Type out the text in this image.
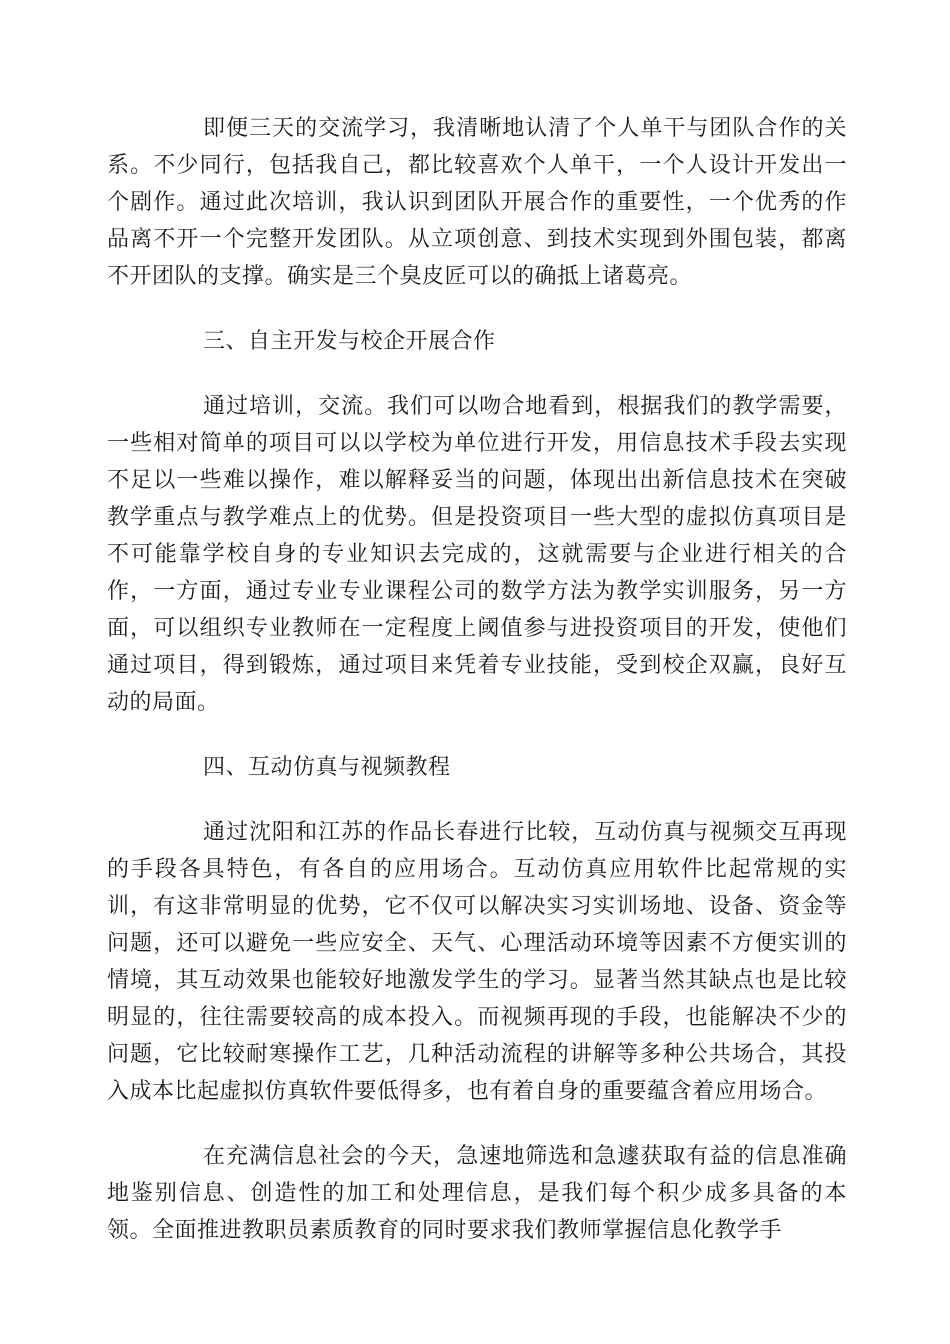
即便三天的交流学习，我清晰地认清了个人单干与团队合作的关系。不少同行，包括我自己，都比较喜欢个人单干，一个人设计开发出一个剧作。通过此次培训，我认识到团队开展合作的重要性，一个优秀的作品离不开一个完整开发团队。从立项创意、到技术实现到外围包装，都离不开团队的支撑。确实是三个臭皮匠可以的确抵上诸葛亮。

三、自主开发与校企开展合作

通过培训，交流。我们可以吻合地看到，根据我们的教学需要，一些相对简单的项目可以以学校为单位进行开发，用信息技术手段去实现不足以一些难以操作，难以解释妥当的问题，体现出出新信息技术在突破教学重点与教学难点上的优势。但是投资项目一些大型的虚拟仿真项目是不可能靠学校自身的专业知识去完成的，这就需要与企业进行相关的合作，一方面，通过专业专业课程公司的数学方法为教学实训服务，另一方面，可以组织专业教师在一定程度上阈值参与进投资项目的开发，使他们通过项目，得到锻炼，通过项目来凭着专业技能，受到校企双赢，良好互动的局面。

四、互动仿真与视频教程

通过沈阳和江苏的作品长春进行比较，互动仿真与视频交互再现的手段各具特色，有各自的应用场合。互动仿真应用软件比起常规的实训，有这非常明显的优势，它不仅可以解决实习实训场地、设备、资金等问题，还可以避免一些应安全、天气、心理活动环境等因素不方便实训的情境，其互动效果也能较好地激发学生的学习。显著当然其缺点也是比较明显的，往往需要较高的成本投入。而视频再现的手段，也能解决不少的问题，它比较耐寒操作工艺，几种活动流程的讲解等多种公共场合，其投入成本比起虚拟仿真软件要低得多，也有着自身的重要蕴含着应用场合。

在充满信息社会的今天，急速地筛选和急遽获取有益的信息准确地鉴别信息、创造性的加工和处理信息，是我们每个积少成多具备的本领。全面推进教职员素质教育的同时要求我们教师掌握信息化教学手
